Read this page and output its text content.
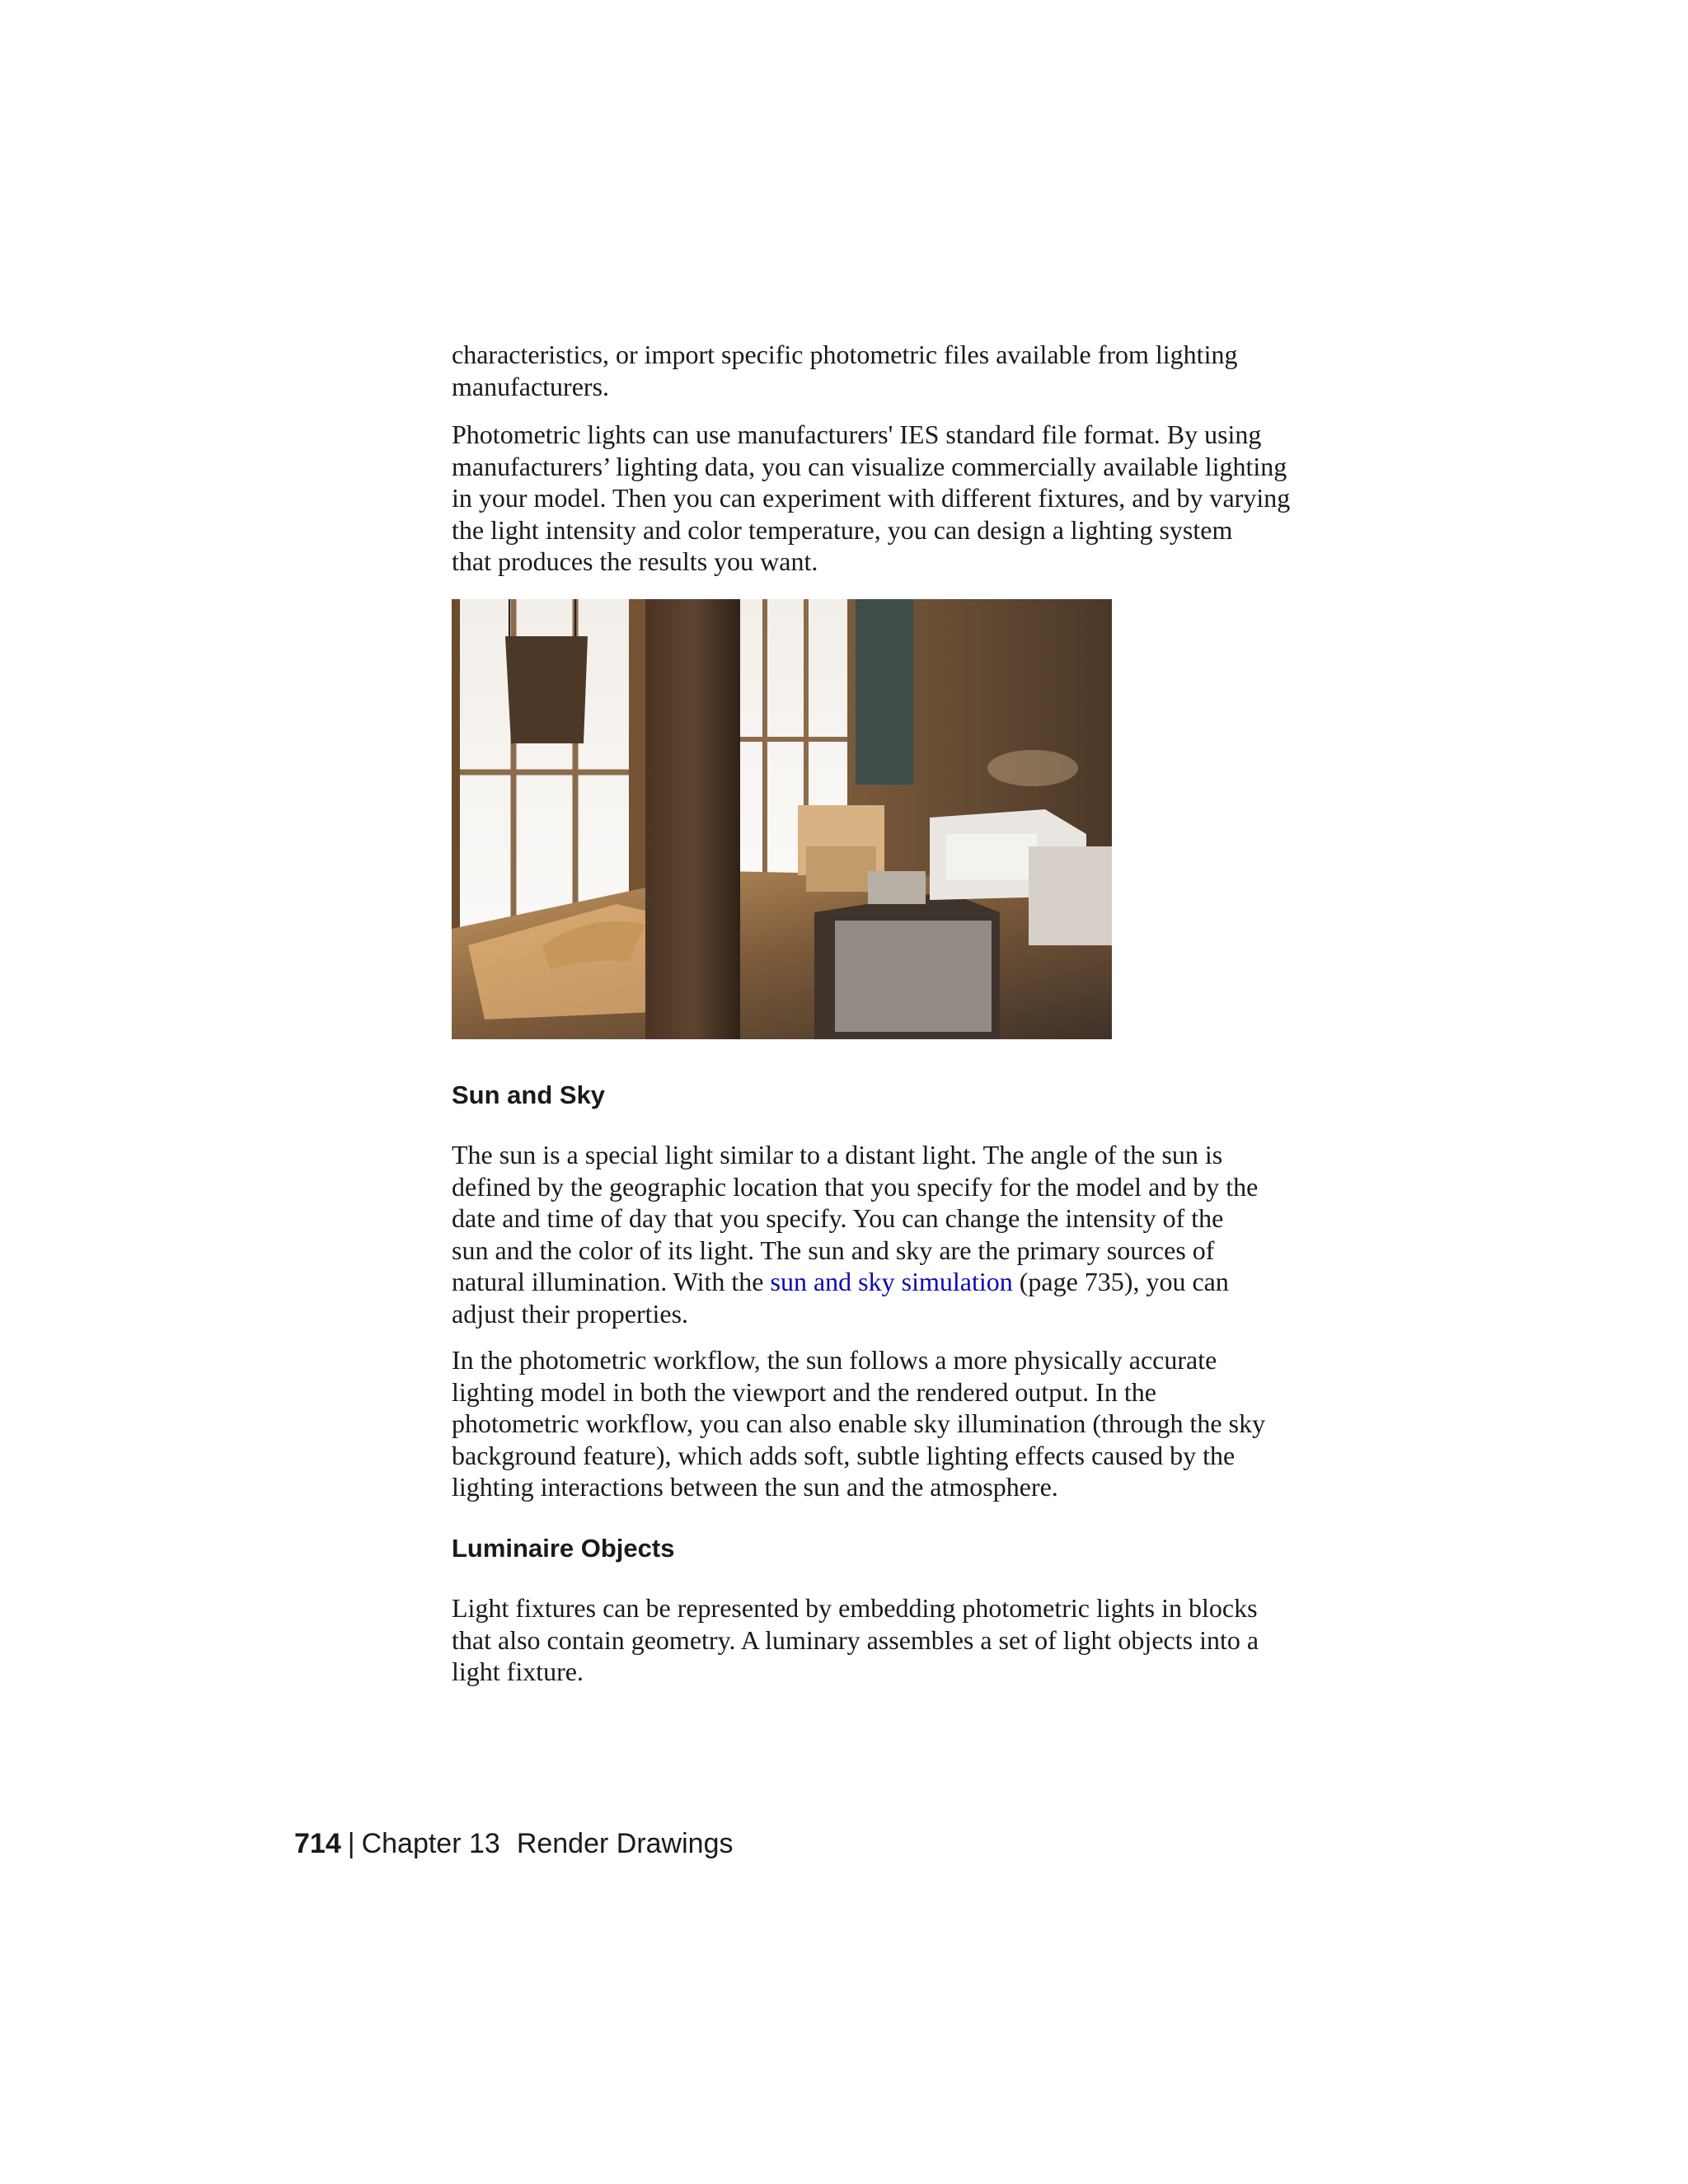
characteristics, or import specific photometric files available from lighting
manufacturers.

Photometric lights can use manufacturers' IES standard file format. By using
manufacturers’ lighting data, you can visualize commercially available lighting
in your model. Then you can experiment with different fixtures, and by varying
the light intensity and color temperature, you can design a lighting system
that produces the results you want.

Sun and Sky

The sun is a special light similar to a distant light. The angle of the sun is
defined by the geographic location that you specify for the model and by the
date and time of day that you specify. You can change the intensity of the
sun and the color of its light. The sun and sky are the primary sources of
natural illumination. With the sun and sky simulation (page 735), you can
adjust their properties.

In the photometric workflow, the sun follows a more physically accurate
lighting model in both the viewport and the rendered output. In the
photometric workflow, you can also enable sky illumination (through the sky
background feature), which adds soft, subtle lighting effects caused by the
lighting interactions between the sun and the atmosphere.

Luminaire Objects

Light fixtures can be represented by embedding photometric lights in blocks
that also contain geometry. A luminary assembles a set of light objects into a
light fixture.

714 | Chapter 13 Render Drawings
